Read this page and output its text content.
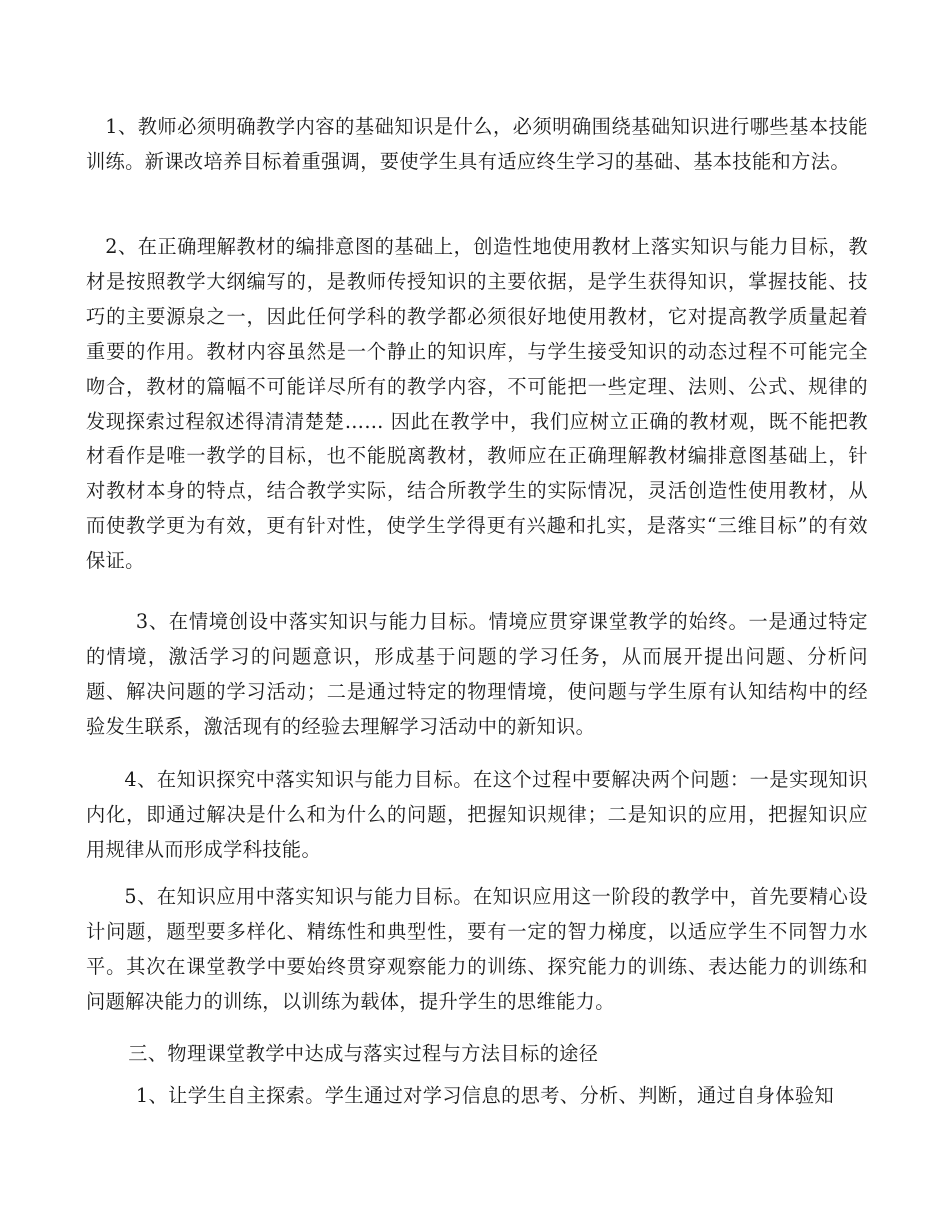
1、教师必须明确教学内容的基础知识是什么，必须明确围绕基础知识进行哪些基本技能训练。新课改培养目标着重强调，要使学生具有适应终生学习的基础、基本技能和方法。

2、在正确理解教材的编排意图的基础上，创造性地使用教材上落实知识与能力目标，教材是按照教学大纲编写的，是教师传授知识的主要依据，是学生获得知识，掌握技能、技巧的主要源泉之一，因此任何学科的教学都必须很好地使用教材，它对提高教学质量起着重要的作用。教材内容虽然是一个静止的知识库，与学生接受知识的动态过程不可能完全吻合，教材的篇幅不可能详尽所有的教学内容，不可能把一些定理、法则、公式、规律的发现探索过程叙述得清清楚楚…… 因此在教学中，我们应树立正确的教材观，既不能把教材看作是唯一教学的目标，也不能脱离教材，教师应在正确理解教材编排意图基础上，针对教材本身的特点，结合教学实际，结合所教学生的实际情况，灵活创造性使用教材，从而使教学更为有效，更有针对性，使学生学得更有兴趣和扎实，是落实“三维目标”的有效保证。

3、在情境创设中落实知识与能力目标。情境应贯穿课堂教学的始终。一是通过特定的情境，激活学习的问题意识，形成基于问题的学习任务，从而展开提出问题、分析问题、解决问题的学习活动；二是通过特定的物理情境，使问题与学生原有认知结构中的经验发生联系，激活现有的经验去理解学习活动中的新知识。

4、在知识探究中落实知识与能力目标。在这个过程中要解决两个问题：一是实现知识内化，即通过解决是什么和为什么的问题，把握知识规律；二是知识的应用，把握知识应用规律从而形成学科技能。

5、在知识应用中落实知识与能力目标。在知识应用这一阶段的教学中，首先要精心设计问题，题型要多样化、精练性和典型性，要有一定的智力梯度，以适应学生不同智力水平。其次在课堂教学中要始终贯穿观察能力的训练、探究能力的训练、表达能力的训练和问题解决能力的训练，以训练为载体，提升学生的思维能力。

三、物理课堂教学中达成与落实过程与方法目标的途径

1、让学生自主探索。学生通过对学习信息的思考、分析、判断，通过自身体验知
